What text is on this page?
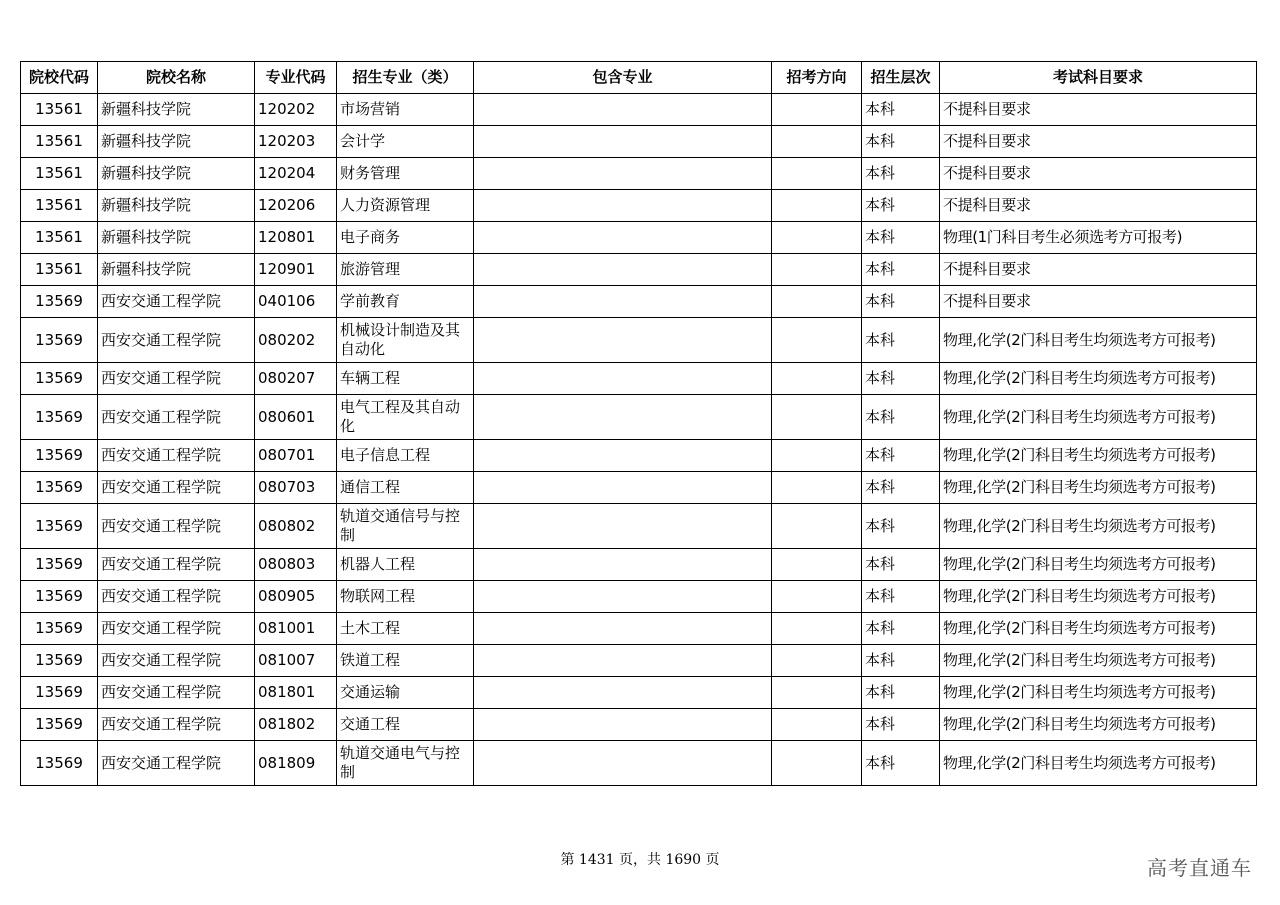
院校代码	院校名称	专业代码	招生专业（类）	包含专业	招考方向	招生层次	考试科目要求
13561	新疆科技学院	120202	市场营销			本科	不提科目要求
13561	新疆科技学院	120203	会计学			本科	不提科目要求
13561	新疆科技学院	120204	财务管理			本科	不提科目要求
13561	新疆科技学院	120206	人力资源管理			本科	不提科目要求
13561	新疆科技学院	120801	电子商务			本科	物理(1门科目考生必须选考方可报考)
13561	新疆科技学院	120901	旅游管理			本科	不提科目要求
13569	西安交通工程学院	040106	学前教育			本科	不提科目要求
13569	西安交通工程学院	080202	机械设计制造及其自动化			本科	物理,化学(2门科目考生均须选考方可报考)
13569	西安交通工程学院	080207	车辆工程			本科	物理,化学(2门科目考生均须选考方可报考)
13569	西安交通工程学院	080601	电气工程及其自动化			本科	物理,化学(2门科目考生均须选考方可报考)
13569	西安交通工程学院	080701	电子信息工程			本科	物理,化学(2门科目考生均须选考方可报考)
13569	西安交通工程学院	080703	通信工程			本科	物理,化学(2门科目考生均须选考方可报考)
13569	西安交通工程学院	080802	轨道交通信号与控制			本科	物理,化学(2门科目考生均须选考方可报考)
13569	西安交通工程学院	080803	机器人工程			本科	物理,化学(2门科目考生均须选考方可报考)
13569	西安交通工程学院	080905	物联网工程			本科	物理,化学(2门科目考生均须选考方可报考)
13569	西安交通工程学院	081001	土木工程			本科	物理,化学(2门科目考生均须选考方可报考)
13569	西安交通工程学院	081007	铁道工程			本科	物理,化学(2门科目考生均须选考方可报考)
13569	西安交通工程学院	081801	交通运输			本科	物理,化学(2门科目考生均须选考方可报考)
13569	西安交通工程学院	081802	交通工程			本科	物理,化学(2门科目考生均须选考方可报考)
13569	西安交通工程学院	081809	轨道交通电气与控制			本科	物理,化学(2门科目考生均须选考方可报考)
第 1431 页，共 1690 页	高考直通车
